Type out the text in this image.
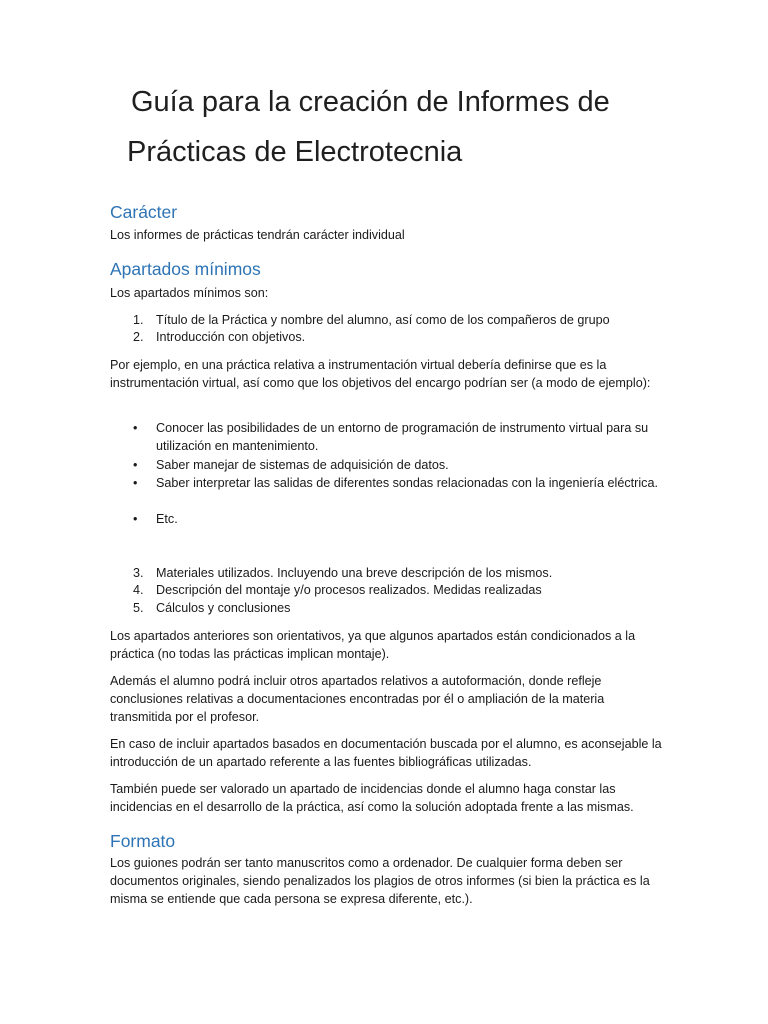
Guía para la creación de Informes de
Prácticas de Electrotecnia
Carácter
Los informes de prácticas tendrán carácter individual
Apartados mínimos
Los apartados mínimos son:
1. Título de la Práctica y nombre del alumno, así como de los compañeros de grupo
2. Introducción con objetivos.
Por ejemplo, en una práctica relativa a instrumentación virtual debería definirse que es la instrumentación virtual, así como que los objetivos del encargo podrían ser (a modo de ejemplo):
• Conocer las posibilidades de un entorno de programación de instrumento virtual para su utilización en mantenimiento.
• Saber manejar de sistemas de adquisición de datos.
• Saber interpretar las salidas de diferentes sondas relacionadas con la ingeniería eléctrica.
• Etc.
3. Materiales utilizados. Incluyendo una breve descripción de los mismos.
4. Descripción del montaje y/o procesos realizados. Medidas realizadas
5. Cálculos y conclusiones
Los apartados anteriores son orientativos, ya que algunos apartados están condicionados a la práctica (no todas las prácticas implican montaje).
Además el alumno podrá incluir otros apartados relativos a autoformación, donde refleje conclusiones relativas a documentaciones encontradas por él o ampliación de la materia transmitida por el profesor.
En caso de incluir apartados basados en documentación buscada por el alumno, es aconsejable la introducción de un apartado referente a las fuentes bibliográficas utilizadas.
También puede ser valorado un apartado de incidencias donde el alumno haga constar las incidencias en el desarrollo de la práctica, así como la solución adoptada frente a las mismas.
Formato
Los guiones podrán ser tanto manuscritos como a ordenador. De cualquier forma deben ser documentos originales, siendo penalizados los plagios de otros informes (si bien la práctica es la misma se entiende que cada persona se expresa diferente, etc.).
